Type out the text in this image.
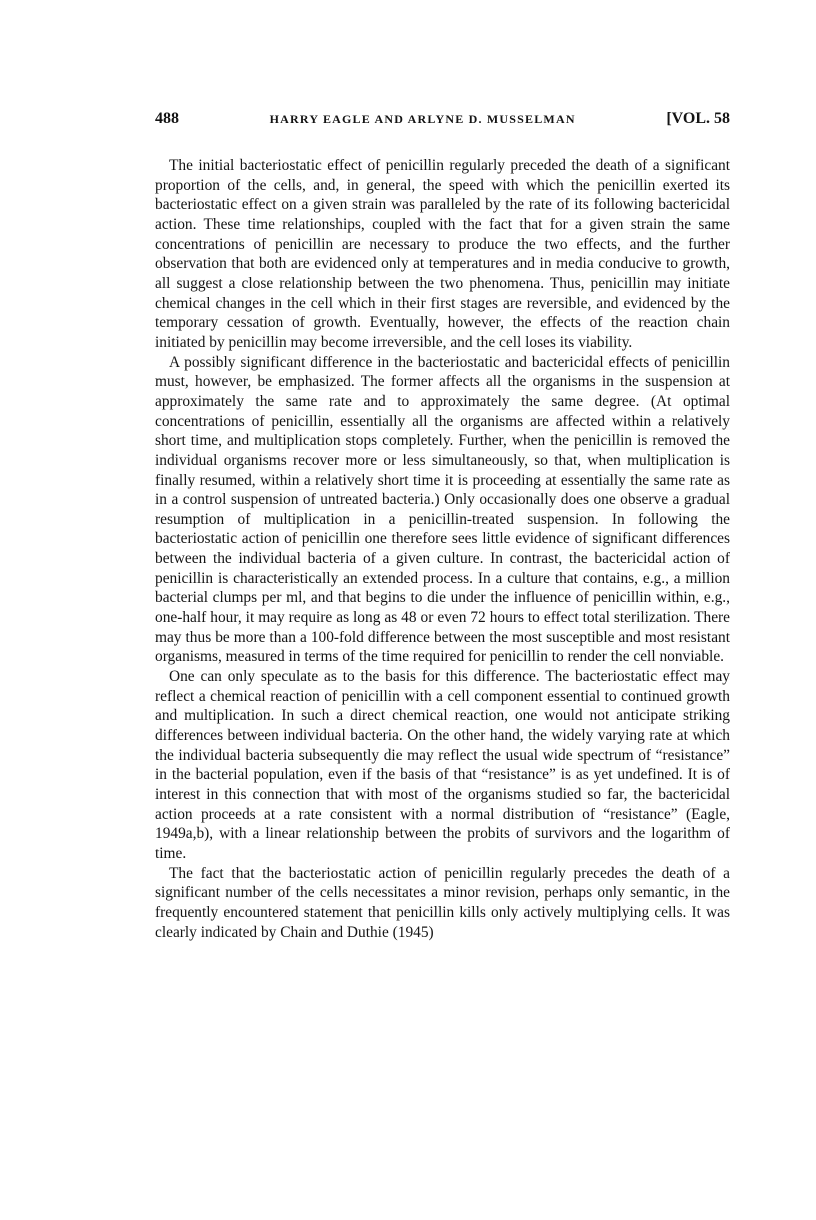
488	HARRY EAGLE AND ARLYNE D. MUSSELMAN	[VOL. 58

The initial bacteriostatic effect of penicillin regularly preceded the death of a significant proportion of the cells, and, in general, the speed with which the penicillin exerted its bacteriostatic effect on a given strain was paralleled by the rate of its following bactericidal action. These time relationships, coupled with the fact that for a given strain the same concentrations of penicillin are necessary to produce the two effects, and the further observation that both are evidenced only at temperatures and in media conducive to growth, all suggest a close relationship between the two phenomena. Thus, penicillin may initiate chemical changes in the cell which in their first stages are reversible, and evidenced by the temporary cessation of growth. Eventually, however, the effects of the reaction chain initiated by penicillin may become irreversible, and the cell loses its viability.

A possibly significant difference in the bacteriostatic and bactericidal effects of penicillin must, however, be emphasized. The former affects all the organisms in the suspension at approximately the same rate and to approximately the same degree. (At optimal concentrations of penicillin, essentially all the organisms are affected within a relatively short time, and multiplication stops completely. Further, when the penicillin is removed the individual organisms recover more or less simultaneously, so that, when multiplication is finally resumed, within a relatively short time it is proceeding at essentially the same rate as in a control suspension of untreated bacteria.) Only occasionally does one observe a gradual resumption of multiplication in a penicillin-treated suspension. In following the bacteriostatic action of penicillin one therefore sees little evidence of significant differences between the individual bacteria of a given culture. In contrast, the bactericidal action of penicillin is characteristically an extended process. In a culture that contains, e.g., a million bacterial clumps per ml, and that begins to die under the influence of penicillin within, e.g., one-half hour, it may require as long as 48 or even 72 hours to effect total sterilization. There may thus be more than a 100-fold difference between the most susceptible and most resistant organisms, measured in terms of the time required for penicillin to render the cell nonviable.

One can only speculate as to the basis for this difference. The bacteriostatic effect may reflect a chemical reaction of penicillin with a cell component essential to continued growth and multiplication. In such a direct chemical reaction, one would not anticipate striking differences between individual bacteria. On the other hand, the widely varying rate at which the individual bacteria subsequently die may reflect the usual wide spectrum of “resistance” in the bacterial population, even if the basis of that “resistance” is as yet undefined. It is of interest in this connection that with most of the organisms studied so far, the bactericidal action proceeds at a rate consistent with a normal distribution of “resistance” (Eagle, 1949a,b), with a linear relationship between the probits of survivors and the logarithm of time.

The fact that the bacteriostatic action of penicillin regularly precedes the death of a significant number of the cells necessitates a minor revision, perhaps only semantic, in the frequently encountered statement that penicillin kills only actively multiplying cells. It was clearly indicated by Chain and Duthie (1945)
